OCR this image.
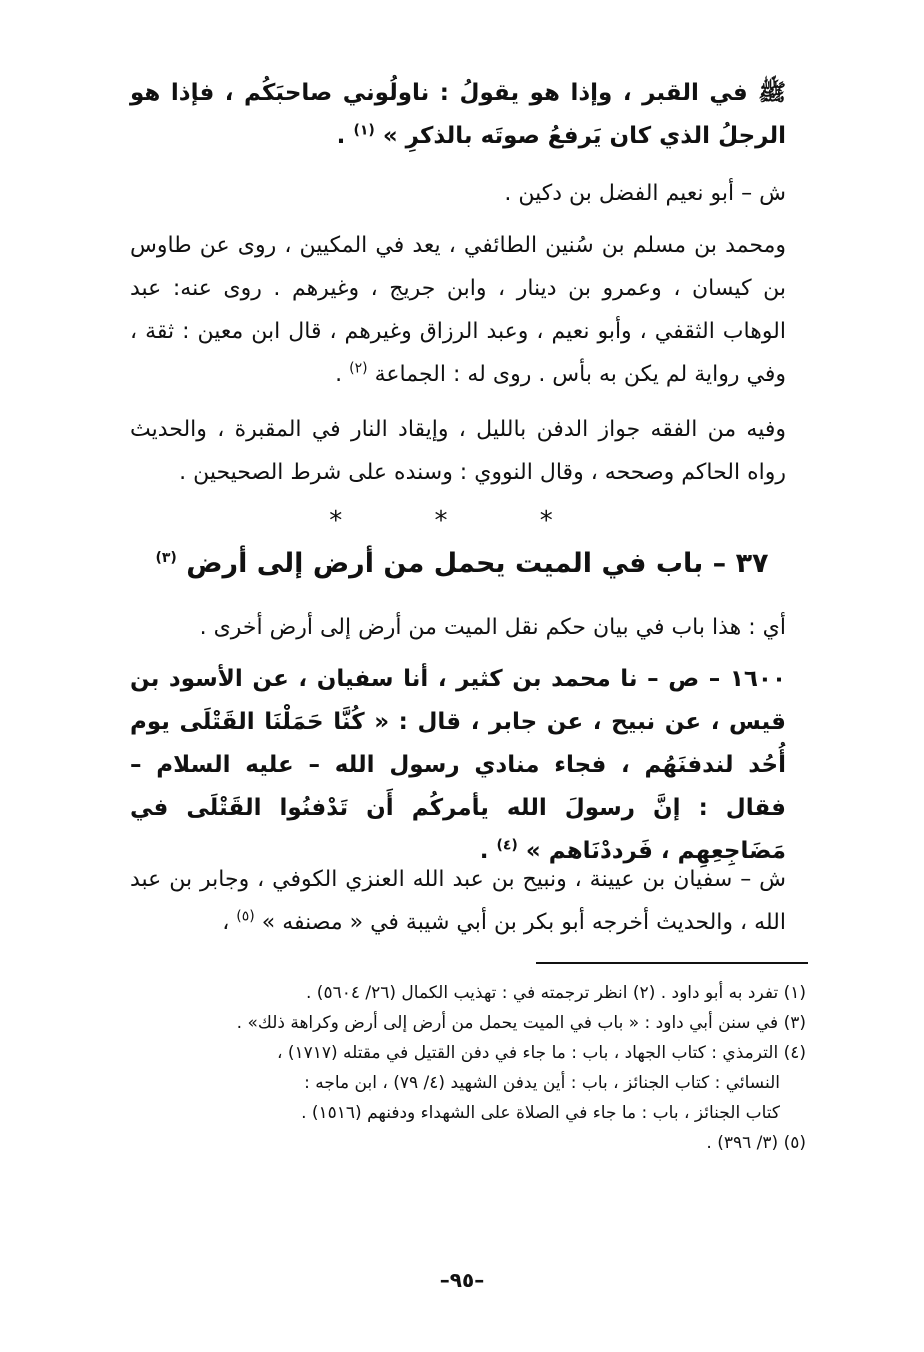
ﷺ في القبر ، وإذا هو يقولُ : ناولُوني صاحبَكُم ، فإذا هو الرجلُ الذي كان يَرفعُ صوتَه بالذكرِ » $^{(١)}$ .

ش – أبو نعيم الفضل بن دكين .

ومحمد بن مسلم بن سُنين الطائفي ، يعد في المكيين ، روى عن طاوس بن كيسان ، وعمرو بن دينار ، وابن جريج ، وغيرهم . روى عنه: عبد الوهاب الثقفي ، وأبو نعيم ، وعبد الرزاق وغيرهم ، قال ابن معين : ثقة ، وفي رواية لم يكن به بأس . روى له : الجماعة $^{(٢)}$ .

وفيه من الفقه جواز الدفن بالليل ، وإيقاد النار في المقبرة ، والحديث رواه الحاكم وصححه ، وقال النووي : وسنده على شرط الصحيحين .

* * *
٣٧ – باب في الميت يحمل من أرض إلى أرض $^{(٣)}$

أي : هذا باب في بيان حكم نقل الميت من أرض إلى أرض أخرى .

١٦٠٠ – ص – نا محمد بن كثير ، أنا سفيان ، عن الأسود بن قيس ، عن نبيح ، عن جابر ، قال : « كُنَّا حَمَلْنَا القَتْلَى يوم أُحُد لندفنَهُم ، فجاء منادي رسول الله – عليه السلام – فقال : إنَّ رسولَ الله يأمركُم أَن تَدْفنُوا القَتْلَى في مَضَاجِعِهِم ، فَرددْنَاهم » $^{(٤)}$ .

ش – سفيان بن عيينة ، ونبيح بن عبد الله العنزي الكوفي ، وجابر بن عبد الله ، والحديث أخرجه أبو بكر بن أبي شيبة في « مصنفه » $^{(٥)}$ ،

(١) تفرد به أبو داود . (٢) انظر ترجمته في : تهذيب الكمال (٢٦/ ٥٦٠٤) .

(٣) في سنن أبي داود : « باب في الميت يحمل من أرض إلى أرض وكراهة ذلك» .

(٤) الترمذي : كتاب الجهاد ، باب : ما جاء في دفن القتيل في مقتله (١٧١٧) ،

النسائي : كتاب الجنائز ، باب : أين يدفن الشهيد (٤/ ٧٩) ، ابن ماجه :

كتاب الجنائز ، باب : ما جاء في الصلاة على الشهداء ودفنهم (١٥١٦) .

(٥) (٣/ ٣٩٦) .

–٩٥–
